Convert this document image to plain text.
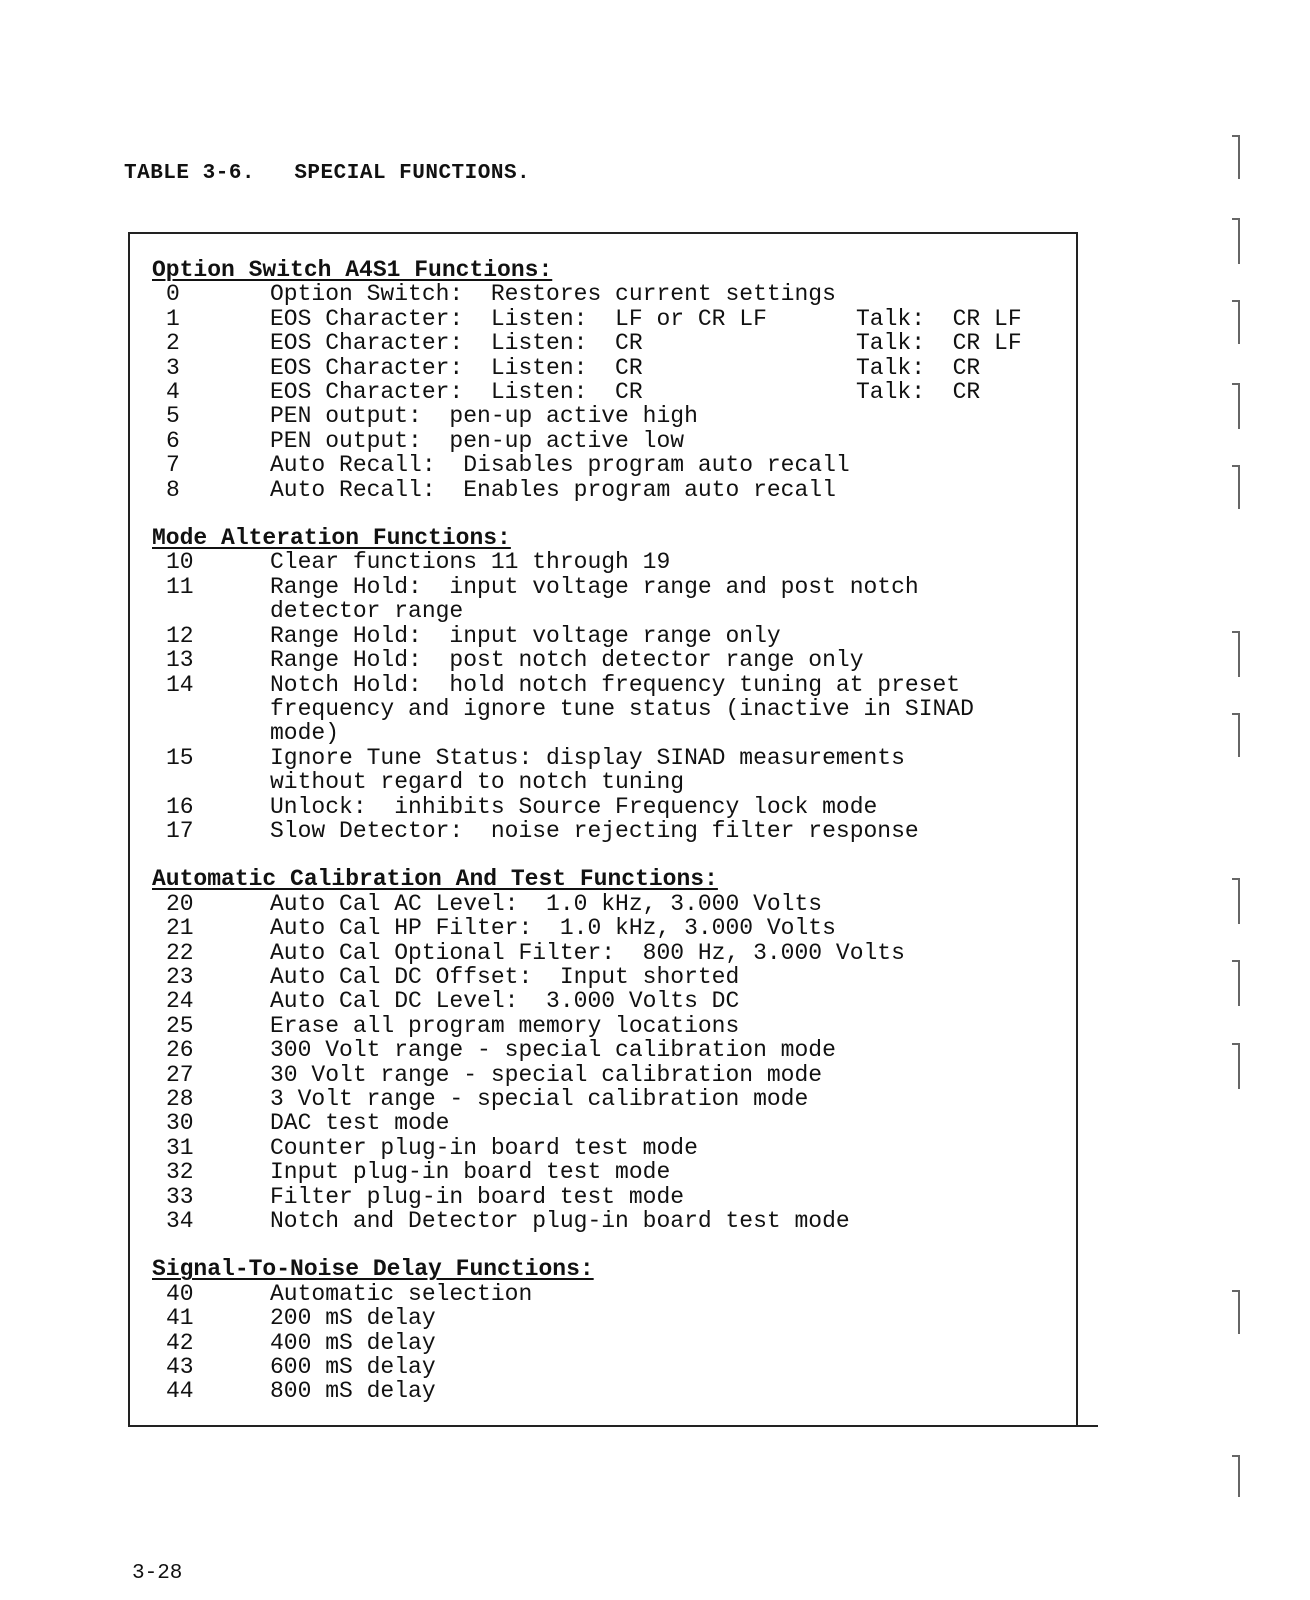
TABLE 3-6.   SPECIAL FUNCTIONS.
Option Switch A4S1 Functions:
0	Option Switch:  Restores current settings
1	EOS Character:  Listen:  LF or CR LF	Talk:  CR LF
2	EOS Character:  Listen:  CR	Talk:  CR LF
3	EOS Character:  Listen:  CR	Talk:  CR
4	EOS Character:  Listen:  CR	Talk:  CR
5	PEN output:  pen-up active high
6	PEN output:  pen-up active low
7	Auto Recall:  Disables program auto recall
8	Auto Recall:  Enables program auto recall
Mode Alteration Functions:
10	Clear functions 11 through 19
11	Range Hold:  input voltage range and post notch
detector range
12	Range Hold:  input voltage range only
13	Range Hold:  post notch detector range only
14	Notch Hold:  hold notch frequency tuning at preset
frequency and ignore tune status (inactive in SINAD
mode)
15	Ignore Tune Status: display SINAD measurements
without regard to notch tuning
16	Unlock:  inhibits Source Frequency lock mode
17	Slow Detector:  noise rejecting filter response
Automatic Calibration And Test Functions:
20	Auto Cal AC Level:  1.0 kHz, 3.000 Volts
21	Auto Cal HP Filter:  1.0 kHz, 3.000 Volts
22	Auto Cal Optional Filter:  800 Hz, 3.000 Volts
23	Auto Cal DC Offset:  Input shorted
24	Auto Cal DC Level:  3.000 Volts DC
25	Erase all program memory locations
26	300 Volt range - special calibration mode
27	30 Volt range - special calibration mode
28	3 Volt range - special calibration mode
30	DAC test mode
31	Counter plug-in board test mode
32	Input plug-in board test mode
33	Filter plug-in board test mode
34	Notch and Detector plug-in board test mode
Signal-To-Noise Delay Functions:
40	Automatic selection
41	200 mS delay
42	400 mS delay
43	600 mS delay
44	800 mS delay
3-28
